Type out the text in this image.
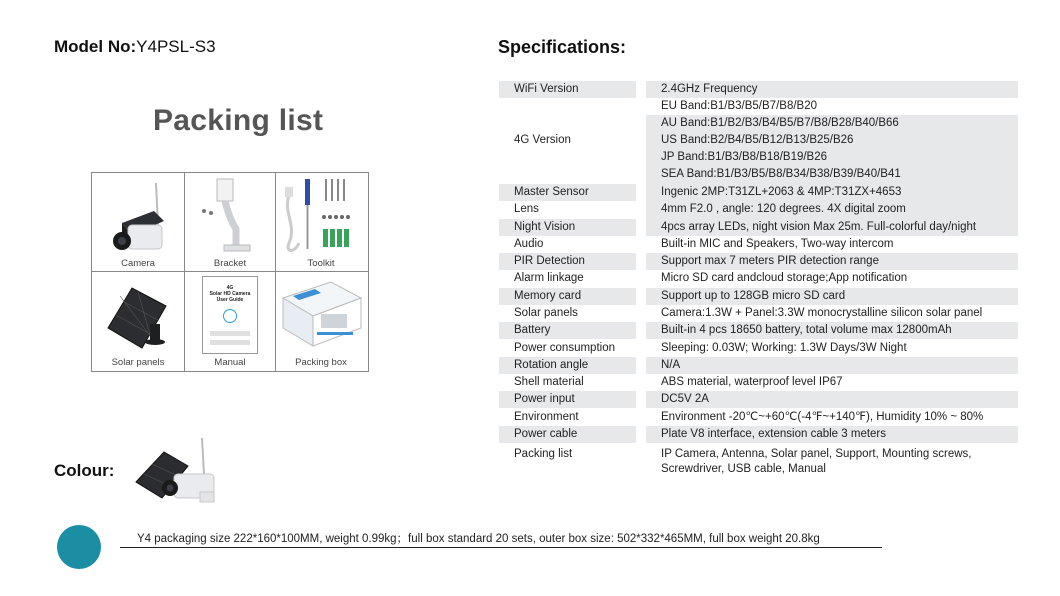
Model No:Y4PSL-S3	Specifications:
Packing list
Camera	Bracket	Toolkit
Solar panels
4G
Solar HD Camera
User Guide
Manual	Packing box
Colour:
Y4 packaging size 222*160*100MM, weight 0.99kg；full box standard 20 sets, outer box size: 502*332*465MM, full box weight 20.8kg
WiFi Version	2.4GHz Frequency
4G Version
EU Band:B1/B3/B5/B7/B8/B20
AU Band:B1/B2/B3/B4/B5/B7/B8/B28/B40/B66
US Band:B2/B4/B5/B12/B13/B25/B26
JP Band:B1/B3/B8/B18/B19/B26
SEA Band:B1/B3/B5/B8/B34/B38/B39/B40/B41
Master Sensor	Ingenic 2MP:T31ZL+2063 & 4MP:T31ZX+4653
Lens	4mm F2.0 , angle: 120 degrees. 4X digital zoom
Night Vision	4pcs array LEDs, night vision Max 25m. Full-colorful day/night
Audio	Built-in MIC and Speakers, Two-way intercom
PIR Detection	Support max 7 meters PIR detection range
Alarm linkage	Micro SD card andcloud storage;App notification
Memory card	Support up to 128GB micro SD card
Solar panels	Camera:1.3W + Panel:3.3W monocrystalline silicon solar panel
Battery	Built-in 4 pcs 18650 battery, total volume max 12800mAh
Power consumption	Sleeping: 0.03W; Working: 1.3W Days/3W Night
Rotation angle	N/A
Shell material	ABS material, waterproof level IP67
Power input	DC5V 2A
Environment	Environment -20℃~+60℃(-4℉~+140℉), Humidity 10% ~ 80%
Power cable	Plate V8 interface, extension cable 3 meters
Packing list	IP Camera, Antenna, Solar panel, Support, Mounting screws,
Screwdriver, USB cable, Manual
